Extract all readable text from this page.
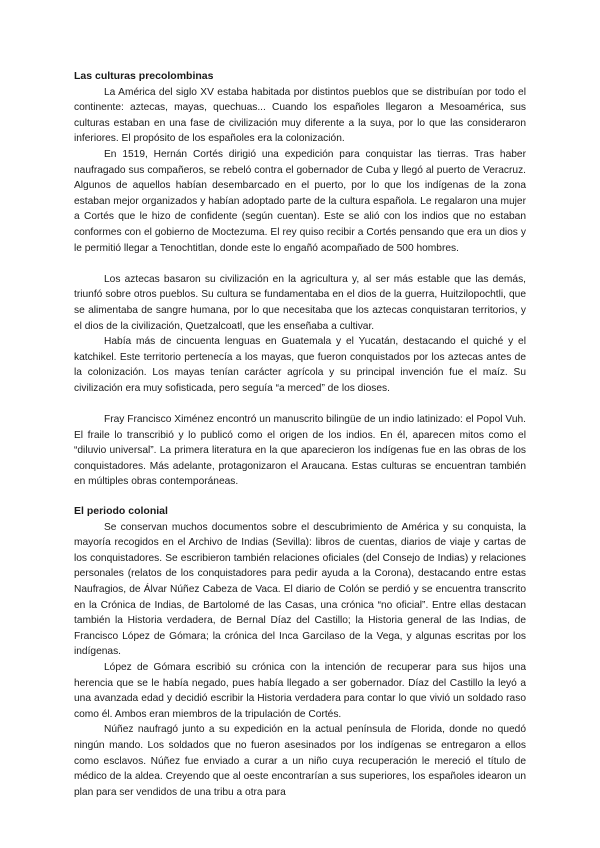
Las culturas precolombinas

La América del siglo XV estaba habitada por distintos pueblos que se distribuían por todo el continente: aztecas, mayas, quechuas... Cuando los españoles llegaron a Mesoamérica, sus culturas estaban en una fase de civilización muy diferente a la suya, por lo que las consideraron inferiores. El propósito de los españoles era la colonización.

En 1519, Hernán Cortés dirigió una expedición para conquistar las tierras. Tras haber naufragado sus compañeros, se rebeló contra el gobernador de Cuba y llegó al puerto de Veracruz. Algunos de aquellos habían desembarcado en el puerto, por lo que los indígenas de la zona estaban mejor organizados y habían adoptado parte de la cultura española. Le regalaron una mujer a Cortés que le hizo de confidente (según cuentan). Este se alió con los indios que no estaban conformes con el gobierno de Moctezuma. El rey quiso recibir a Cortés pensando que era un dios y le permitió llegar a Tenochtitlan, donde este lo engañó acompañado de 500 hombres.

Los aztecas basaron su civilización en la agricultura y, al ser más estable que las demás, triunfó sobre otros pueblos. Su cultura se fundamentaba en el dios de la guerra, Huitzilopochtli, que se alimentaba de sangre humana, por lo que necesitaba que los aztecas conquistaran territorios, y el dios de la civilización, Quetzalcoatl, que les enseñaba a cultivar.

Había más de cincuenta lenguas en Guatemala y el Yucatán, destacando el quiché y el katchikel. Este territorio pertenecía a los mayas, que fueron conquistados por los aztecas antes de la colonización. Los mayas tenían carácter agrícola y su principal invención fue el maíz. Su civilización era muy sofisticada, pero seguía “a merced” de los dioses.

Fray Francisco Ximénez encontró un manuscrito bilingüe de un indio latinizado: el Popol Vuh. El fraile lo transcribió y lo publicó como el origen de los indios. En él, aparecen mitos como el “diluvio universal”. La primera literatura en la que aparecieron los indígenas fue en las obras de los conquistadores. Más adelante, protagonizaron el Araucana. Estas culturas se encuentran también en múltiples obras contemporáneas.

El periodo colonial

Se conservan muchos documentos sobre el descubrimiento de América y su conquista, la mayoría recogidos en el Archivo de Indias (Sevilla): libros de cuentas, diarios de viaje y cartas de los conquistadores. Se escribieron también relaciones oficiales (del Consejo de Indias) y relaciones personales (relatos de los conquistadores para pedir ayuda a la Corona), destacando entre estas Naufragios, de Álvar Núñez Cabeza de Vaca. El diario de Colón se perdió y se encuentra transcrito en la Crónica de Indias, de Bartolomé de las Casas, una crónica “no oficial”. Entre ellas destacan también la Historia verdadera, de Bernal Díaz del Castillo; la Historia general de las Indias, de Francisco López de Gómara; la crónica del Inca Garcilaso de la Vega, y algunas escritas por los indígenas.

López de Gómara escribió su crónica con la intención de recuperar para sus hijos una herencia que se le había negado, pues había llegado a ser gobernador. Díaz del Castillo la leyó a una avanzada edad y decidió escribir la Historia verdadera para contar lo que vivió un soldado raso como él. Ambos eran miembros de la tripulación de Cortés.

Núñez naufragó junto a su expedición en la actual península de Florida, donde no quedó ningún mando. Los soldados que no fueron asesinados por los indígenas se entregaron a ellos como esclavos. Núñez fue enviado a curar a un niño cuya recuperación le mereció el título de médico de la aldea. Creyendo que al oeste encontrarían a sus superiores, los españoles idearon un plan para ser vendidos de una tribu a otra para
